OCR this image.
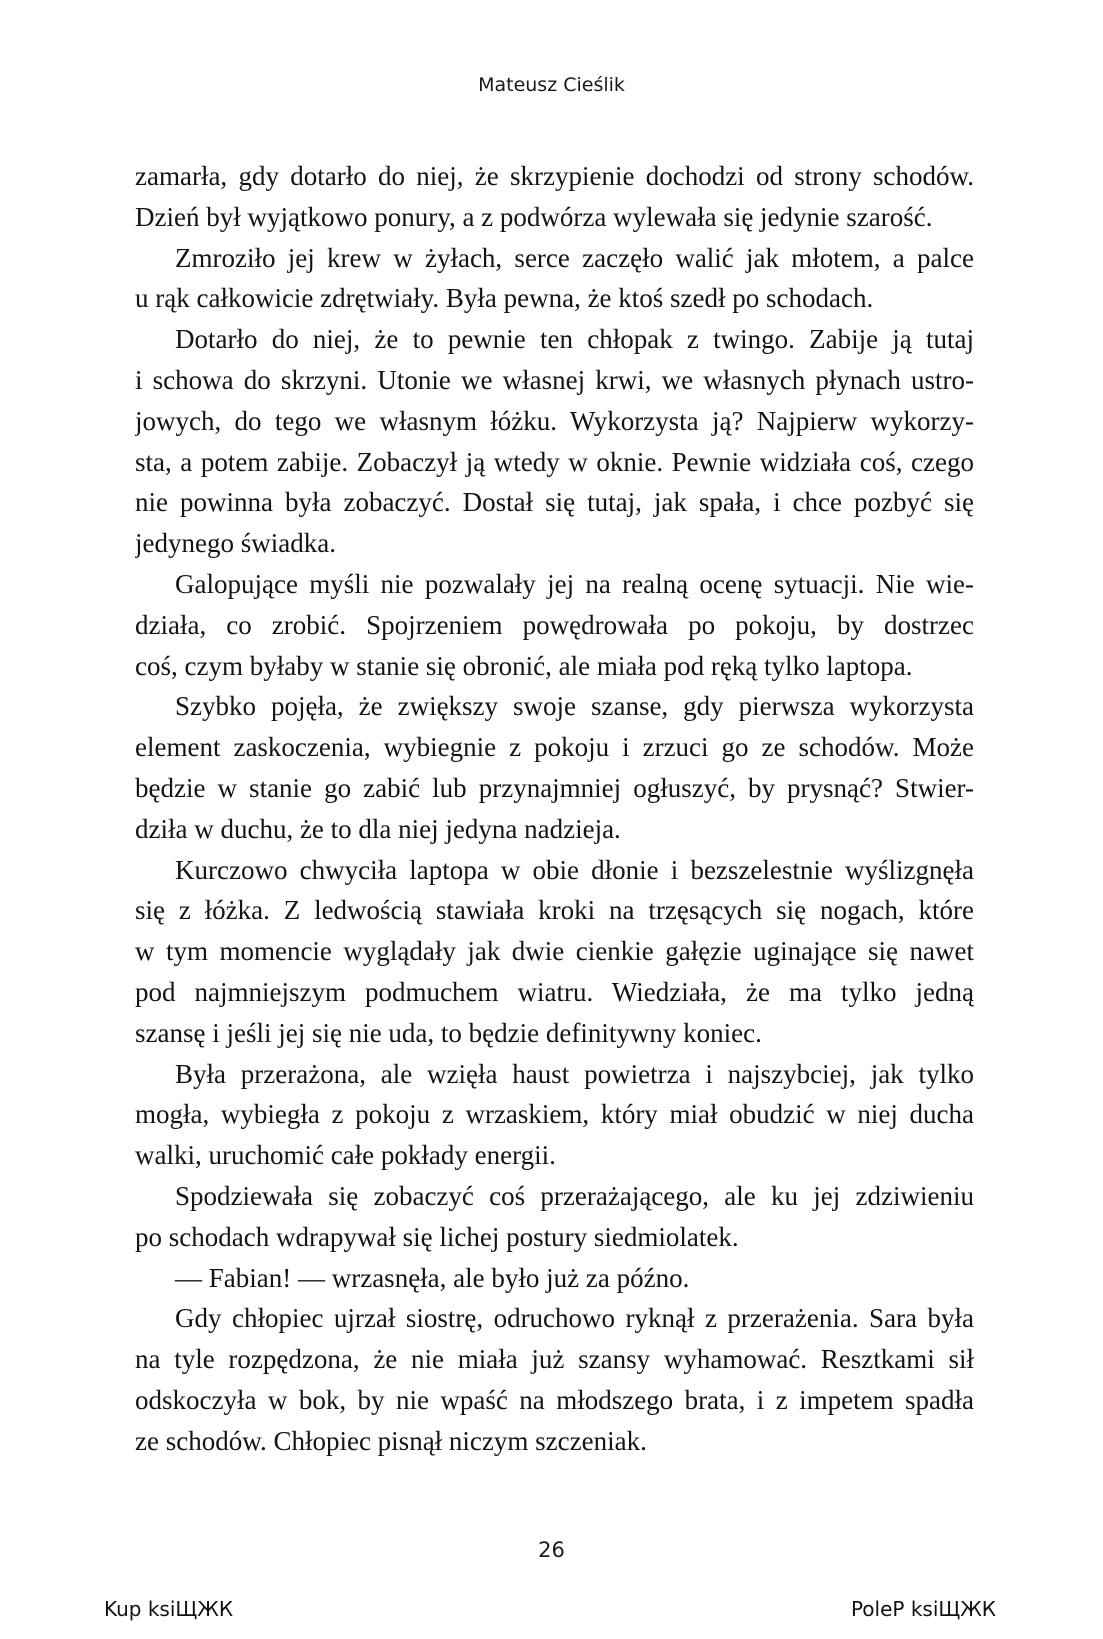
Mateusz Cieślik
zamarła, gdy dotarło do niej, że skrzypienie dochodzi od strony schodów.
Dzień był wyjątkowo ponury, a z podwórza wylewała się jedynie szarość.
Zmroziło jej krew w żyłach, serce zaczęło walić jak młotem, a palce
u rąk całkowicie zdrętwiały. Była pewna, że ktoś szedł po schodach.
Dotarło do niej, że to pewnie ten chłopak z twingo. Zabije ją tutaj
i schowa do skrzyni. Utonie we własnej krwi, we własnych płynach ustro-
jowych, do tego we własnym łóżku. Wykorzysta ją? Najpierw wykorzy-
sta, a potem zabije. Zobaczył ją wtedy w oknie. Pewnie widziała coś, czego
nie powinna była zobaczyć. Dostał się tutaj, jak spała, i chce pozbyć się
jedynego świadka.
Galopujące myśli nie pozwalały jej na realną ocenę sytuacji. Nie wie-
działa, co zrobić. Spojrzeniem powędrowała po pokoju, by dostrzec
coś, czym byłaby w stanie się obronić, ale miała pod ręką tylko laptopa.
Szybko pojęła, że zwiększy swoje szanse, gdy pierwsza wykorzysta
element zaskoczenia, wybiegnie z pokoju i zrzuci go ze schodów. Może
będzie w stanie go zabić lub przynajmniej ogłuszyć, by prysnąć? Stwier-
dziła w duchu, że to dla niej jedyna nadzieja.
Kurczowo chwyciła laptopa w obie dłonie i bezszelestnie wyślizgnęła
się z łóżka. Z ledwością stawiała kroki na trzęsących się nogach, które
w tym momencie wyglądały jak dwie cienkie gałęzie uginające się nawet
pod najmniejszym podmuchem wiatru. Wiedziała, że ma tylko jedną
szansę i jeśli jej się nie uda, to będzie definitywny koniec.
Była przerażona, ale wzięła haust powietrza i najszybciej, jak tylko
mogła, wybiegła z pokoju z wrzaskiem, który miał obudzić w niej ducha
walki, uruchomić całe pokłady energii.
Spodziewała się zobaczyć coś przerażającego, ale ku jej zdziwieniu
po schodach wdrapywał się lichej postury siedmiolatek.
— Fabian! — wrzasnęła, ale było już za późno.
Gdy chłopiec ujrzał siostrę, odruchowo ryknął z przerażenia. Sara była
na tyle rozpędzona, że nie miała już szansy wyhamować. Resztkami sił
odskoczyła w bok, by nie wpaść na młodszego brata, i z impetem spadła
ze schodów. Chłopiec pisnął niczym szczeniak.
26
Kup ksiЩЖК	PoleP ksiЩЖК
